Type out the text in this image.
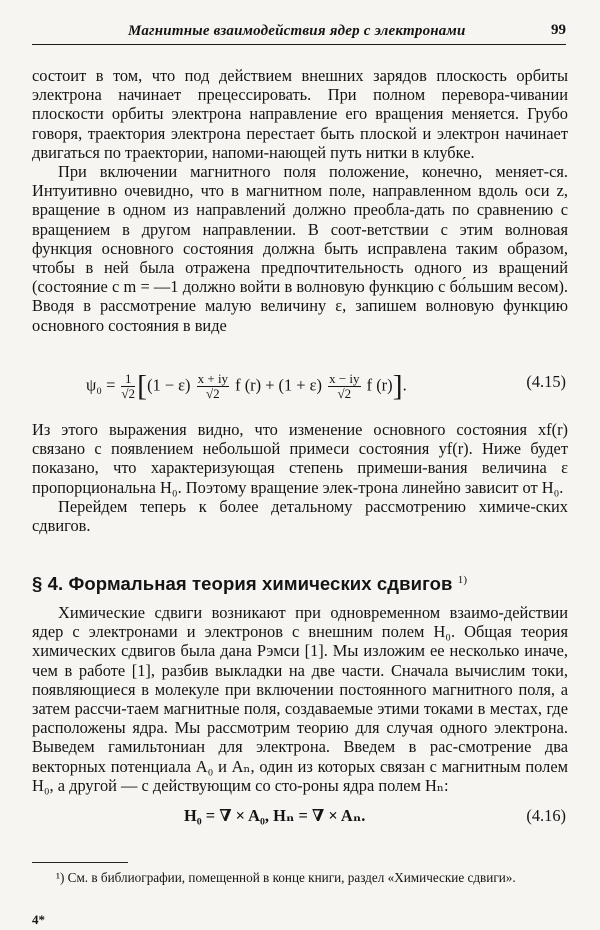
Магнитные взаимодействия ядер с электронами	99

состоит в том, что под действием внешних зарядов плоскость орбиты электрона начинает прецессировать. При полном перевора-чивании плоскости орбиты электрона направление его вращения меняется. Грубо говоря, траектория электрона перестает быть плоской и электрон начинает двигаться по траектории, напоми-нающей путь нитки в клубке.

При включении магнитного поля положение, конечно, меняет-ся. Интуитивно очевидно, что в магнитном поле, направленном вдоль оси z, вращение в одном из направлений должно преобла-дать по сравнению с вращением в другом направлении. В соот-ветствии с этим волновая функция основного состояния должна быть исправлена таким образом, чтобы в ней была отражена предпочтительность одного из вращений (состояние с m = —1 должно войти в волновую функцию с бо́льшим весом). Вводя в рассмотрение малую величину ε, запишем волновую функцию основного состояния в виде

$\psi_0 = \frac{1}{√2} [(1 - \varepsilon) \frac{x + iy}{√2}$ f $(r) + (1 + \varepsilon) \frac{x - iy}{√2}$ f (r)].	(4.15)

Из этого выражения видно, что изменение основного состояния xf(r) связано с появлением небольшой примеси состояния yf(r). Ниже будет показано, что характеризующая степень примеши-вания величина ε пропорциональна H₀. Поэтому вращение элек-трона линейно зависит от H₀.

Перейдем теперь к более детальному рассмотрению химиче-ских сдвигов.

§ 4. Формальная теория химических сдвигов $^{1)}$

Химические сдвиги возникают при одновременном взаимо-действии ядер с электронами и электронов с внешним полем H₀. Общая теория химических сдвигов была дана Рэмси [1]. Мы изложим ее несколько иначе, чем в работе [1], разбив выкладки на две части. Сначала вычислим токи, появляющиеся в молекуле при включении постоянного магнитного поля, а затем рассчи-таем магнитные поля, создаваемые этими токами в местах, где расположены ядра. Мы рассмотрим теорию для случая одного электрона. Выведем гамильтониан для электрона. Введем в рас-смотрение два векторных потенциала A₀ и Aₙ, один из которых связан с магнитным полем H₀, а другой — с действующим со сто-роны ядра полем Hₙ:

H₀ = ∇ × A₀, Hₙ = ∇ × Aₙ.	(4.16)
¹) См. в библиографии, помещенной в конце книги, раздел «Химические сдвиги».
4*
